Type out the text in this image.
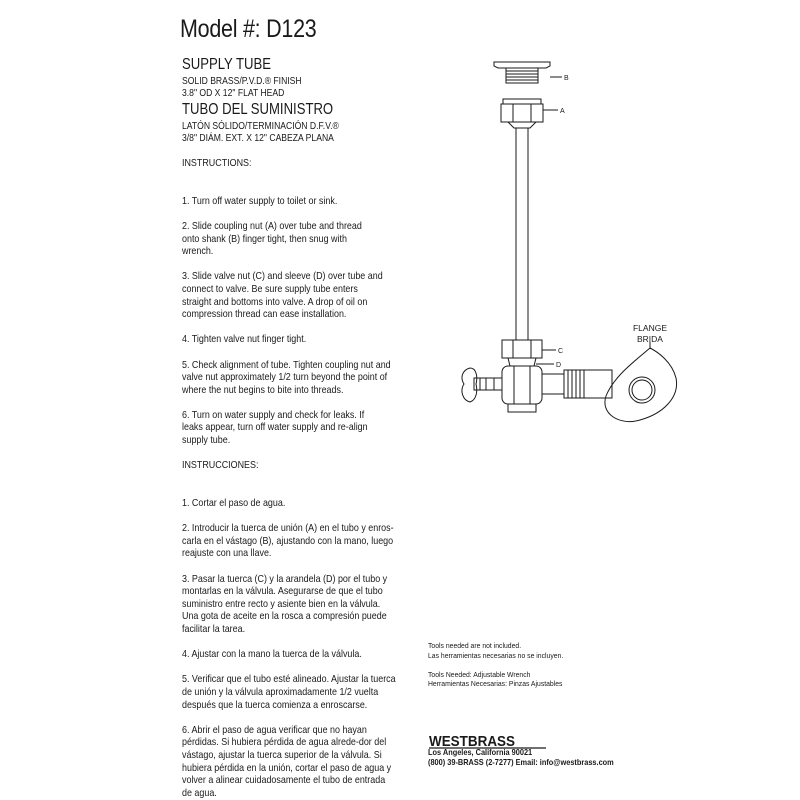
Model #: D123
SUPPLY TUBE
SOLID BRASS/P.V.D.® FINISH
3.8" OD X 12" FLAT HEAD
TUBO DEL SUMINISTRO
LATÓN SÓLIDO/TERMINACIÓN D.F.V.®
3/8" DIÁM. EXT. X 12" CABEZA PLANA

INSTRUCTIONS:

1. Turn off water supply to toilet or sink.

2. Slide coupling nut (A) over tube and thread onto shank (B) finger tight, then snug with wrench.

3. Slide valve nut (C) and sleeve (D) over tube and connect to valve. Be sure supply tube enters straight and bottoms into valve. A drop of oil on compression thread can ease installation.

4. Tighten valve nut finger tight.

5. Check alignment of tube. Tighten coupling nut and valve nut approximately 1/2 turn beyond the point of where the nut begins to bite into threads.

6. Turn on water supply and check for leaks. If leaks appear, turn off water supply and re-align supply tube.

INSTRUCCIONES:

1. Cortar el paso de agua.

2. Introducir la tuerca de unión (A) en el tubo y enros-carla en el vástago (B), ajustando con la mano, luego reajuste con una llave.

3. Pasar la tuerca (C) y la arandela (D) por el tubo y montarlas en la válvula. Asegurarse de que el tubo suministro entre recto y asiente bien en la válvula. Una gota de aceite en la rosca a compresión puede facilitar la tarea.

4. Ajustar con la mano la tuerca de la válvula.

5. Verificar que el tubo esté alineado. Ajustar la tuerca de unión y la válvula aproximadamente 1/2 vuelta después que la tuerca comienza a enroscarse.

6. Abrir el paso de agua verificar que no hayan pérdidas. Si hubiera pérdida de agua alrede-dor del vástago, ajustar la tuerca superior de la válvula. Si hubiera pérdida en la unión, cortar el paso de agua y volver a alinear cuidadosamente el tubo de entrada de agua.

B
A
C
D
FLANGE
BRIDA

Tools needed are not included.

Las herramientas necesarias no se incluyen.

Tools Needed: Adjustable Wrench

Herramientas Necesarias: Pinzas Ajustables

WESTBRASS
Los Angeles, California 90021
(800) 39-BRASS (2-7277) Email: info@westbrass.com
